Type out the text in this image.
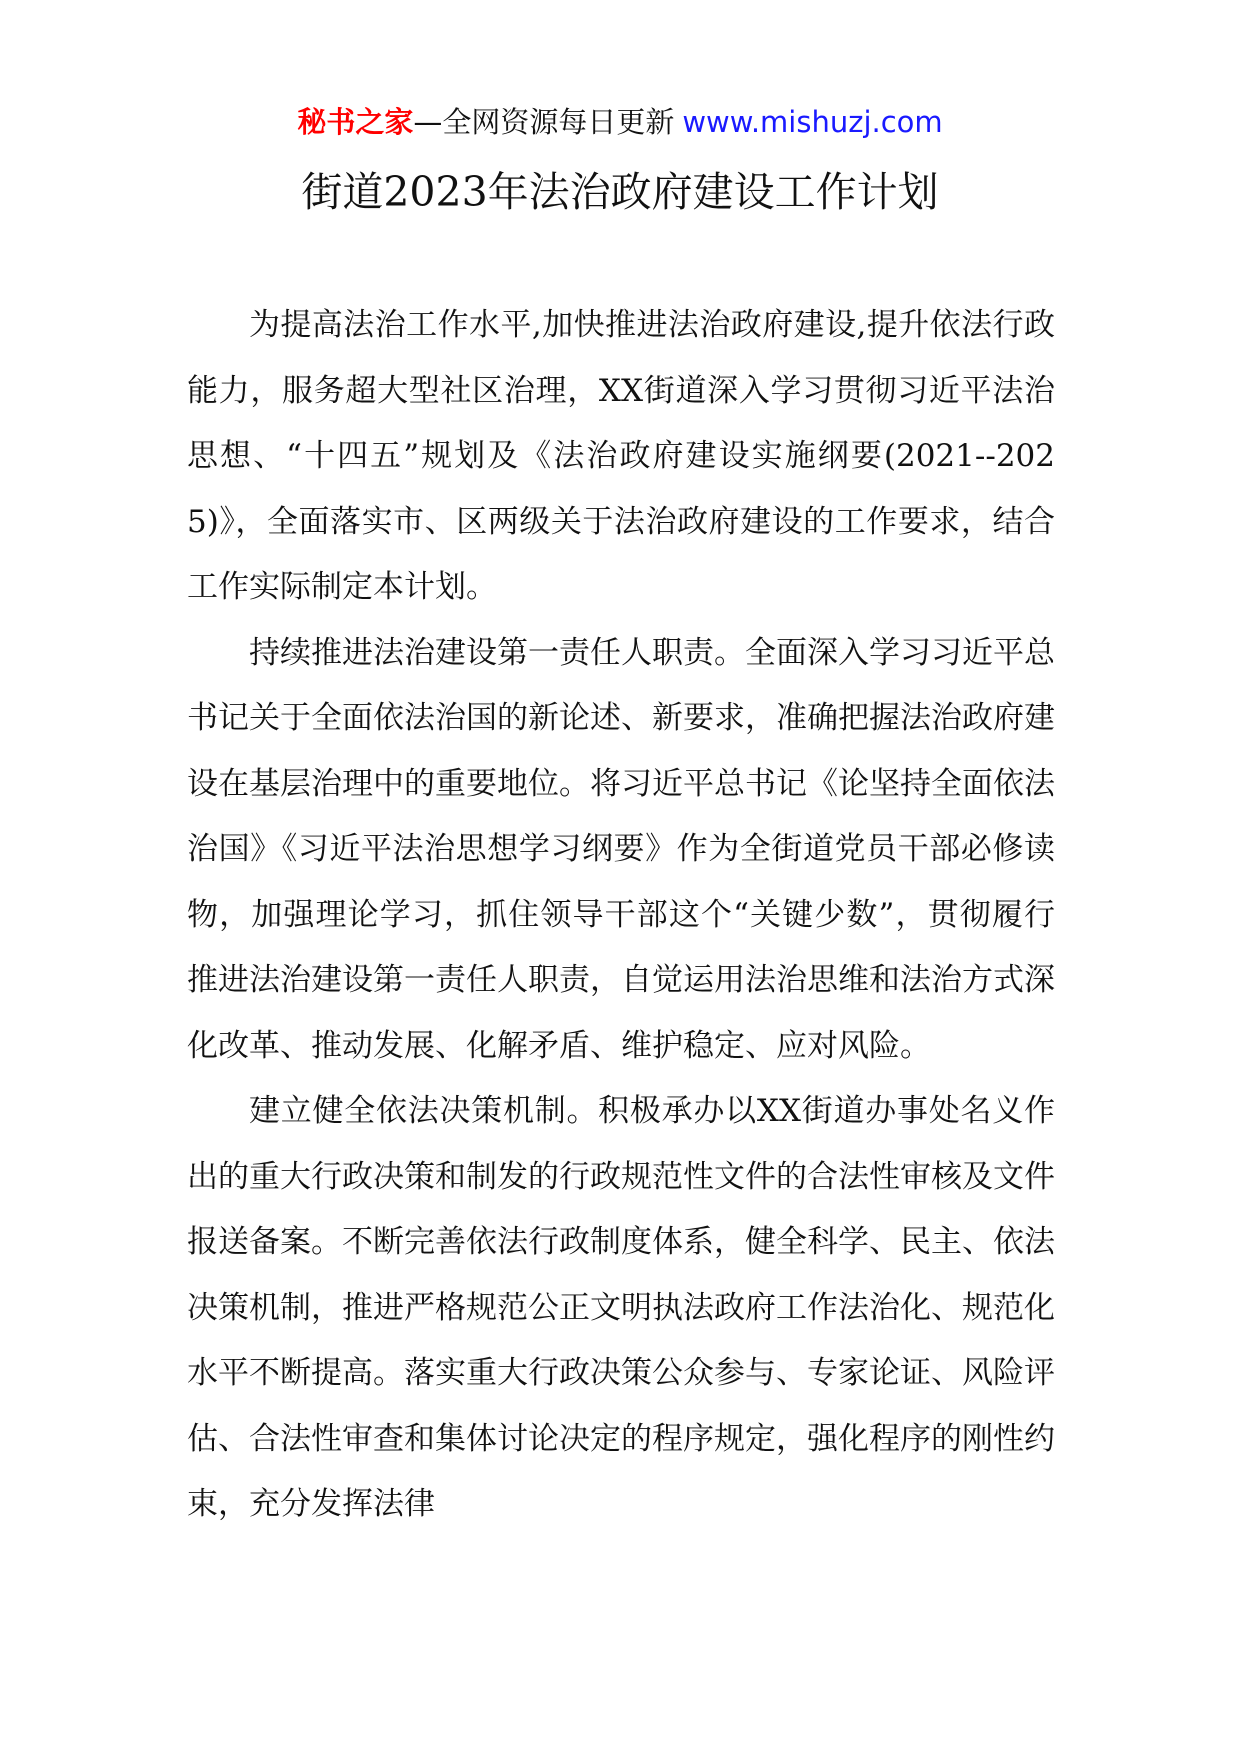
秘书之家—全网资源每日更新 www.mishuzj.com
街道2023年法治政府建设工作计划

为提高法治工作水平,加快推进法治政府建设,提升依法行政能力，服务超大型社区治理，XX街道深入学习贯彻习近平法治思想、“十四五”规划及《法治政府建设实施纲要(2021--2025)》，全面落实市、区两级关于法治政府建设的工作要求，结合工作实际制定本计划。

持续推进法治建设第一责任人职责。全面深入学习习近平总书记关于全面依法治国的新论述、新要求，准确把握法治政府建设在基层治理中的重要地位。将习近平总书记《论坚持全面依法治国》《习近平法治思想学习纲要》作为全街道党员干部必修读物，加强理论学习，抓住领导干部这个“关键少数”，贯彻履行推进法治建设第一责任人职责，自觉运用法治思维和法治方式深化改革、推动发展、化解矛盾、维护稳定、应对风险。

建立健全依法决策机制。积极承办以XX街道办事处名义作出的重大行政决策和制发的行政规范性文件的合法性审核及文件报送备案。不断完善依法行政制度体系，健全科学、民主、依法决策机制，推进严格规范公正文明执法政府工作法治化、规范化水平不断提高。落实重大行政决策公众参与、专家论证、风险评估、合法性审查和集体讨论决定的程序规定，强化程序的刚性约束，充分发挥法律
